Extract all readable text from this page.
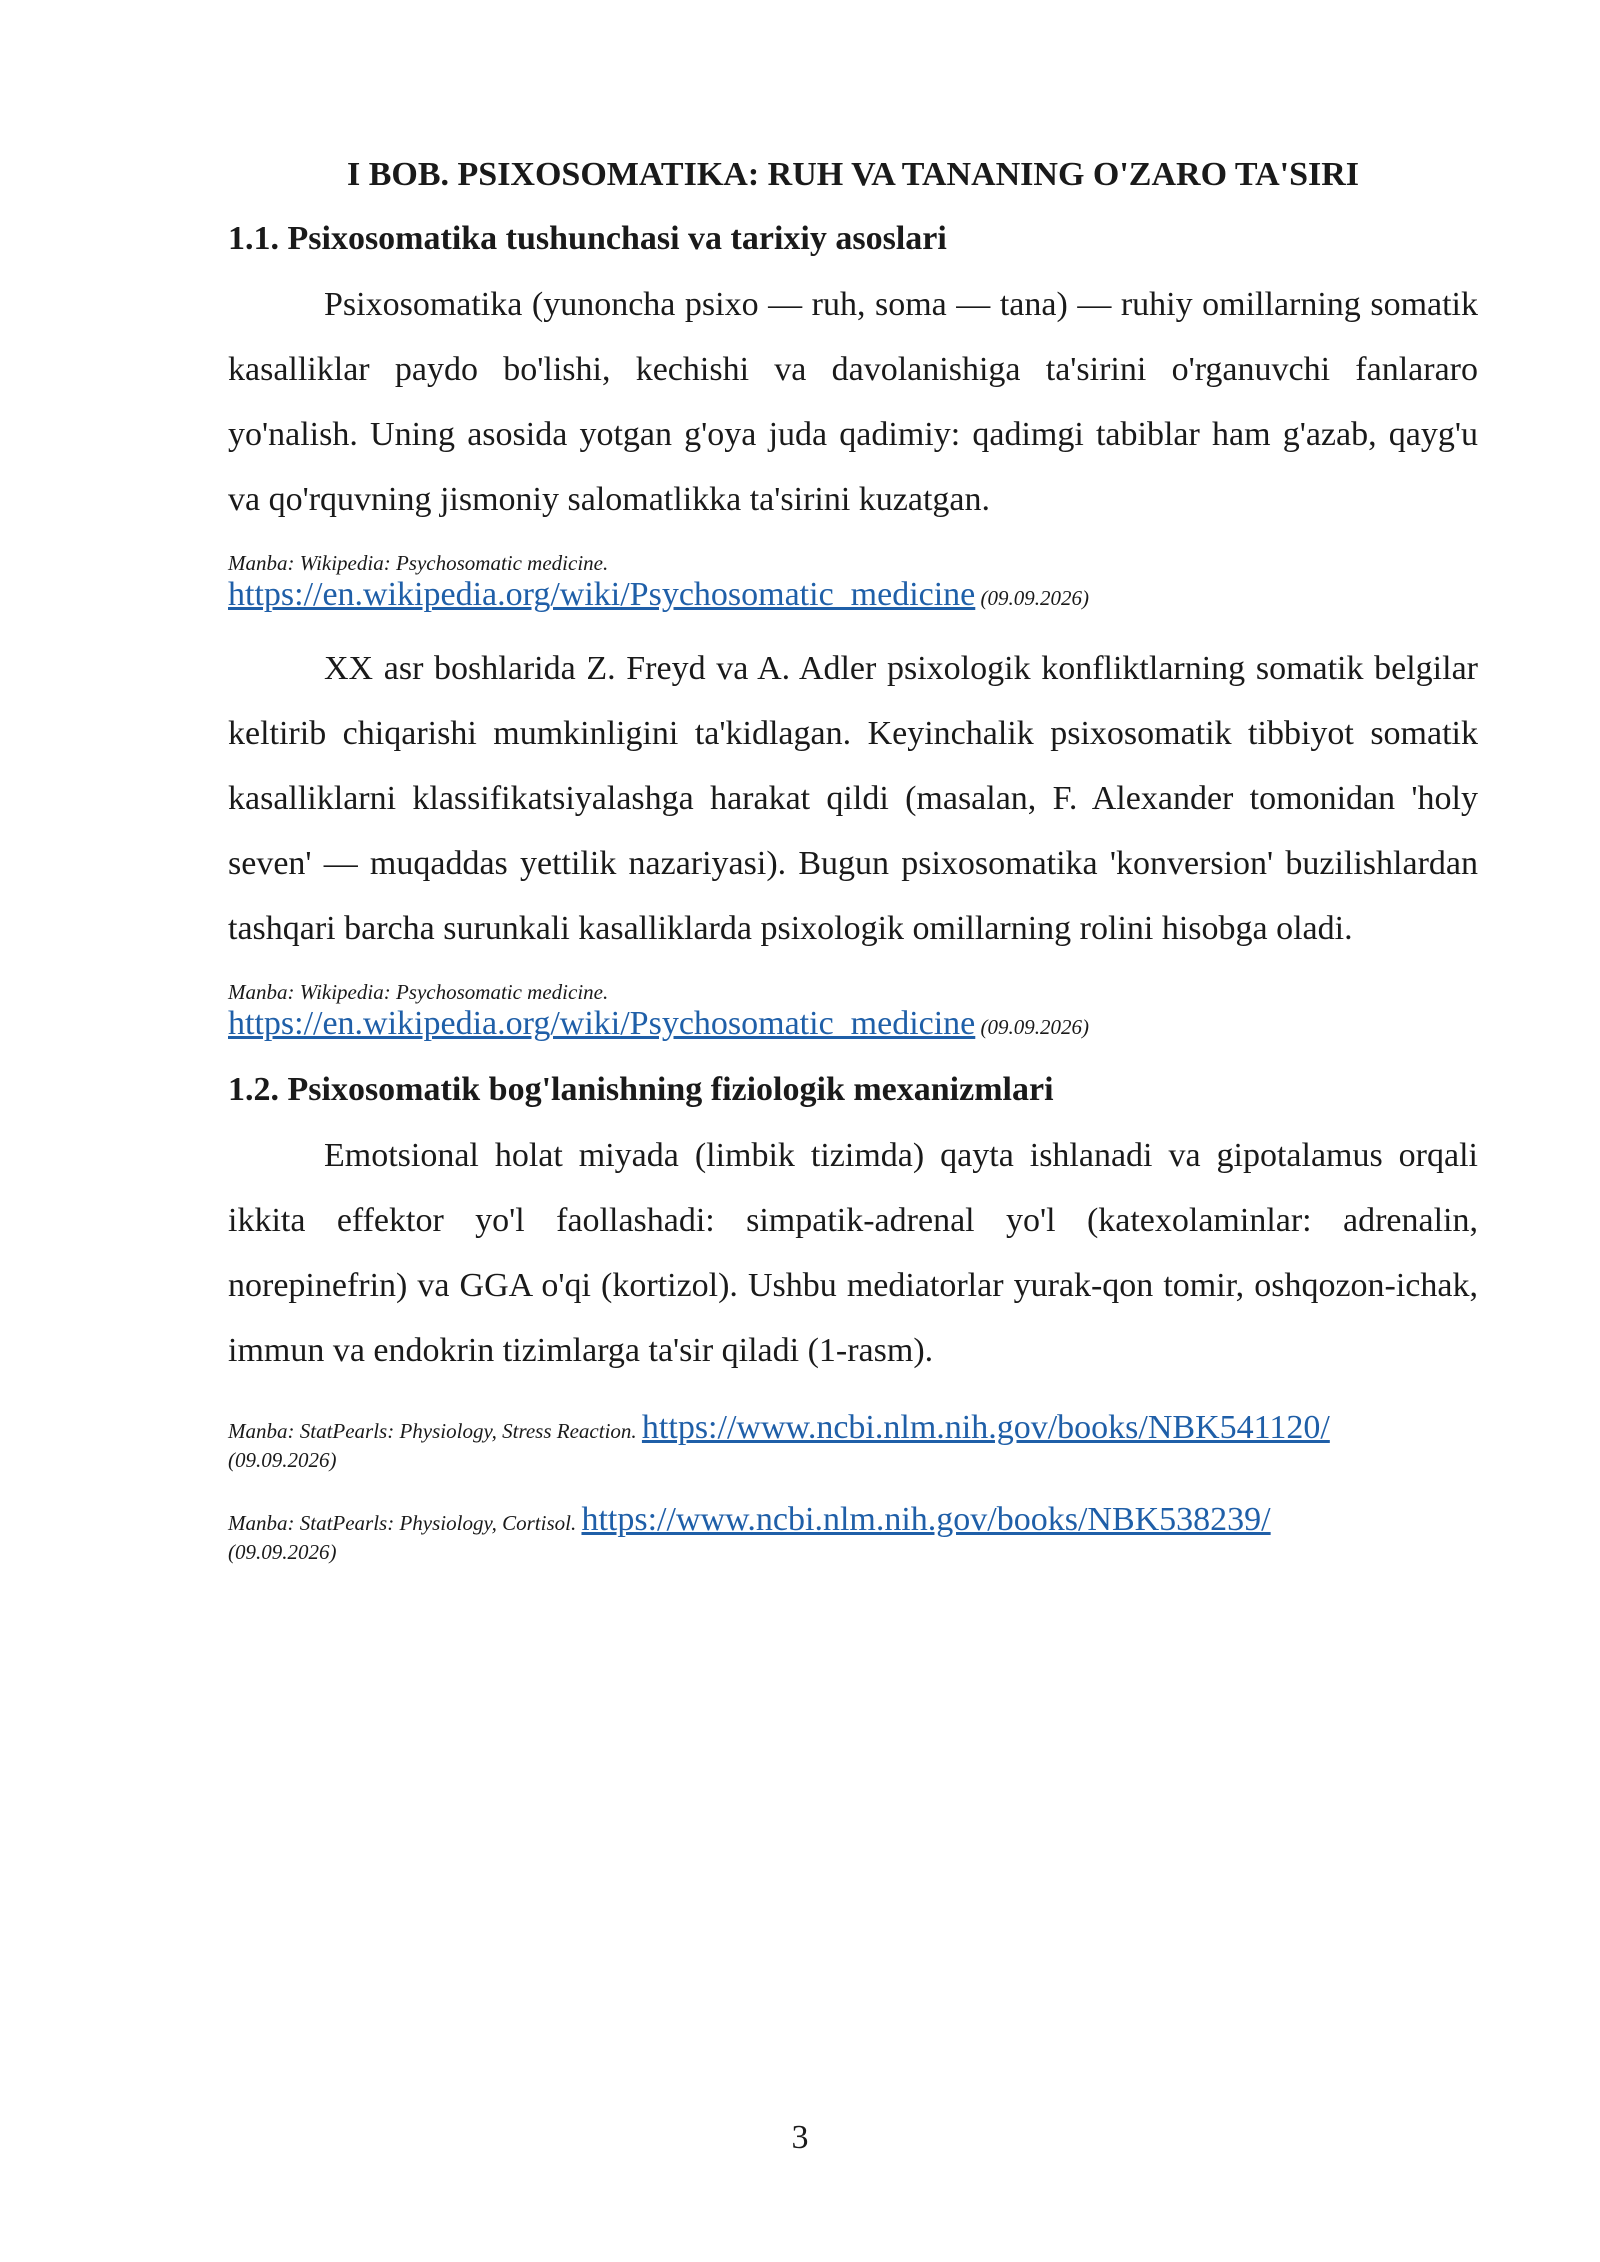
I BOB. PSIXOSOMATIKA: RUH VA TANANING O'ZARO TA'SIRI
1.1. Psixosomatika tushunchasi va tarixiy asoslari

Psixosomatika (yunoncha psixo — ruh, soma — tana) — ruhiy omillarning somatik kasalliklar paydo bo'lishi, kechishi va davolanishiga ta'sirini o'rganuvchi fanlararo yo'nalish. Uning asosida yotgan g'oya juda qadimiy: qadimgi tabiblar ham g'azab, qayg'u va qo'rquvning jismoniy salomatlikka ta'sirini kuzatgan.

Manba: Wikipedia: Psychosomatic medicine.
https://en.wikipedia.org/wiki/Psychosomatic_medicine (09.09.2026)

XX asr boshlarida Z. Freyd va A. Adler psixologik konfliktlarning somatik belgilar keltirib chiqarishi mumkinligini ta'kidlagan. Keyinchalik psixosomatik tibbiyot somatik kasalliklarni klassifikatsiyalashga harakat qildi (masalan, F. Alexander tomonidan 'holy seven' — muqaddas yettilik nazariyasi). Bugun psixosomatika 'konversion' buzilishlardan tashqari barcha surunkali kasalliklarda psixologik omillarning rolini hisobga oladi.

Manba: Wikipedia: Psychosomatic medicine.
https://en.wikipedia.org/wiki/Psychosomatic_medicine (09.09.2026)
1.2. Psixosomatik bog'lanishning fiziologik mexanizmlari

Emotsional holat miyada (limbik tizimda) qayta ishlanadi va gipotalamus orqali ikkita effektor yo'l faollashadi: simpatik-adrenal yo'l (katexolaminlar: adrenalin, norepinefrin) va GGA o'qi (kortizol). Ushbu mediatorlar yurak-qon tomir, oshqozon-ichak, immun va endokrin tizimlarga ta'sir qiladi (1-rasm).

Manba: StatPearls: Physiology, Stress Reaction. https://www.ncbi.nlm.nih.gov/books/NBK541120/
(09.09.2026)
Manba: StatPearls: Physiology, Cortisol. https://www.ncbi.nlm.nih.gov/books/NBK538239/
(09.09.2026)
3
